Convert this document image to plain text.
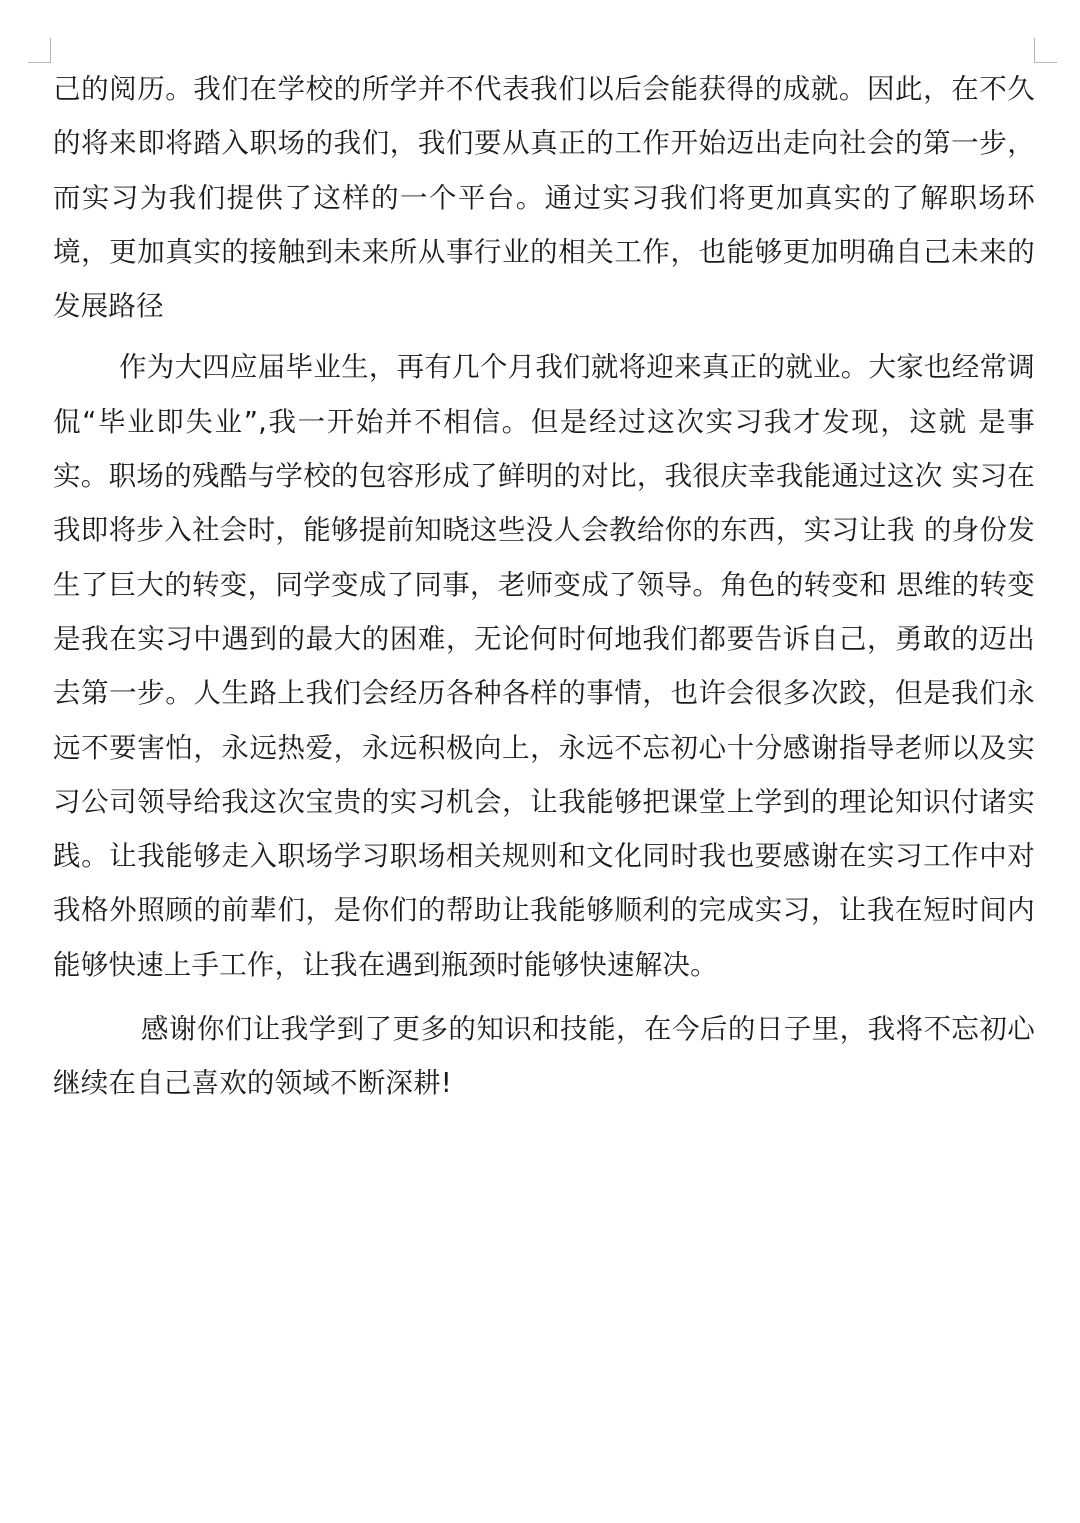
己的阅历。我们在学校的所学并不代表我们以后会能获得的成就。因此，在不久的将来即将踏入职场的我们，我们要从真正的工作开始迈出走向社会的第一步，而实习为我们提供了这样的一个平台。通过实习我们将更加真实的了解职场环境，更加真实的接触到未来所从事行业的相关工作，也能够更加明确自己未来的发展路径

作为大四应届毕业生，再有几个月我们就将迎来真正的就业。大家也经常调侃“毕业即失业”,我一开始并不相信。但是经过这次实习我才发现，这就 是事实。职场的残酷与学校的包容形成了鲜明的对比，我很庆幸我能通过这次 实习在我即将步入社会时，能够提前知晓这些没人会教给你的东西，实习让我 的身份发生了巨大的转变，同学变成了同事，老师变成了领导。角色的转变和 思维的转变是我在实习中遇到的最大的困难，无论何时何地我们都要告诉自己，勇敢的迈出去第一步。人生路上我们会经历各种各样的事情，也许会很多次跤，但是我们永远不要害怕，永远热爱，永远积极向上，永远不忘初心十分感谢指导老师以及实习公司领导给我这次宝贵的实习机会，让我能够把课堂上学到的理论知识付诸实践。让我能够走入职场学习职场相关规则和文化同时我也要感谢在实习工作中对我格外照顾的前辈们，是你们的帮助让我能够顺利的完成实习，让我在短时间内能够快速上手工作，让我在遇到瓶颈时能够快速解决。

感谢你们让我学到了更多的知识和技能，在今后的日子里，我将不忘初心继续在自己喜欢的领域不断深耕!
